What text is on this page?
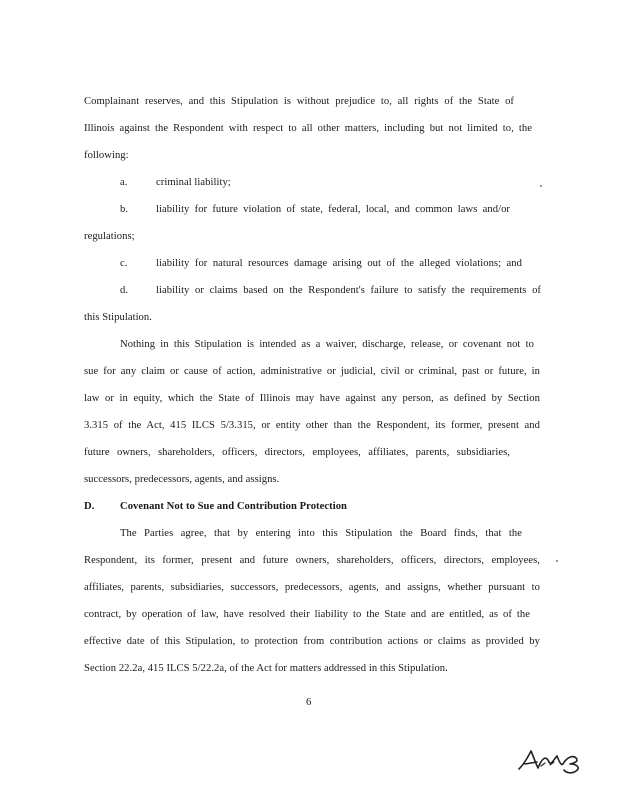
Complainant reserves, and this Stipulation is without prejudice to, all rights of the State of
Illinois against the Respondent with respect to all other matters, including but not limited to, the
following:
a.	criminal liability;
b.	liability for future violation of state, federal, local, and common laws and/or
regulations;
c.	liability for natural resources damage arising out of the alleged violations; and
d.	liability or claims based on the Respondent's failure to satisfy the requirements of
this Stipulation.
Nothing in this Stipulation is intended as a waiver, discharge, release, or covenant not to
sue for any claim or cause of action, administrative or judicial, civil or criminal, past or future, in
law or in equity, which the State of Illinois may have against any person, as defined by Section
3.315 of the Act, 415 ILCS 5/3.315, or entity other than the Respondent, its former, present and
future owners, shareholders, officers, directors, employees, affiliates, parents, subsidiaries,
successors, predecessors, agents, and assigns.
D. Covenant Not to Sue and Contribution Protection
The Parties agree, that by entering into this Stipulation the Board finds, that the
Respondent, its former, present and future owners, shareholders, officers, directors, employees,
affiliates, parents, subsidiaries, successors, predecessors, agents, and assigns, whether pursuant to
contract, by operation of law, have resolved their liability to the State and are entitled, as of the
effective date of this Stipulation, to protection from contribution actions or claims as provided by
Section 22.2a, 415 ILCS 5/22.2a, of the Act for matters addressed in this Stipulation.
6
